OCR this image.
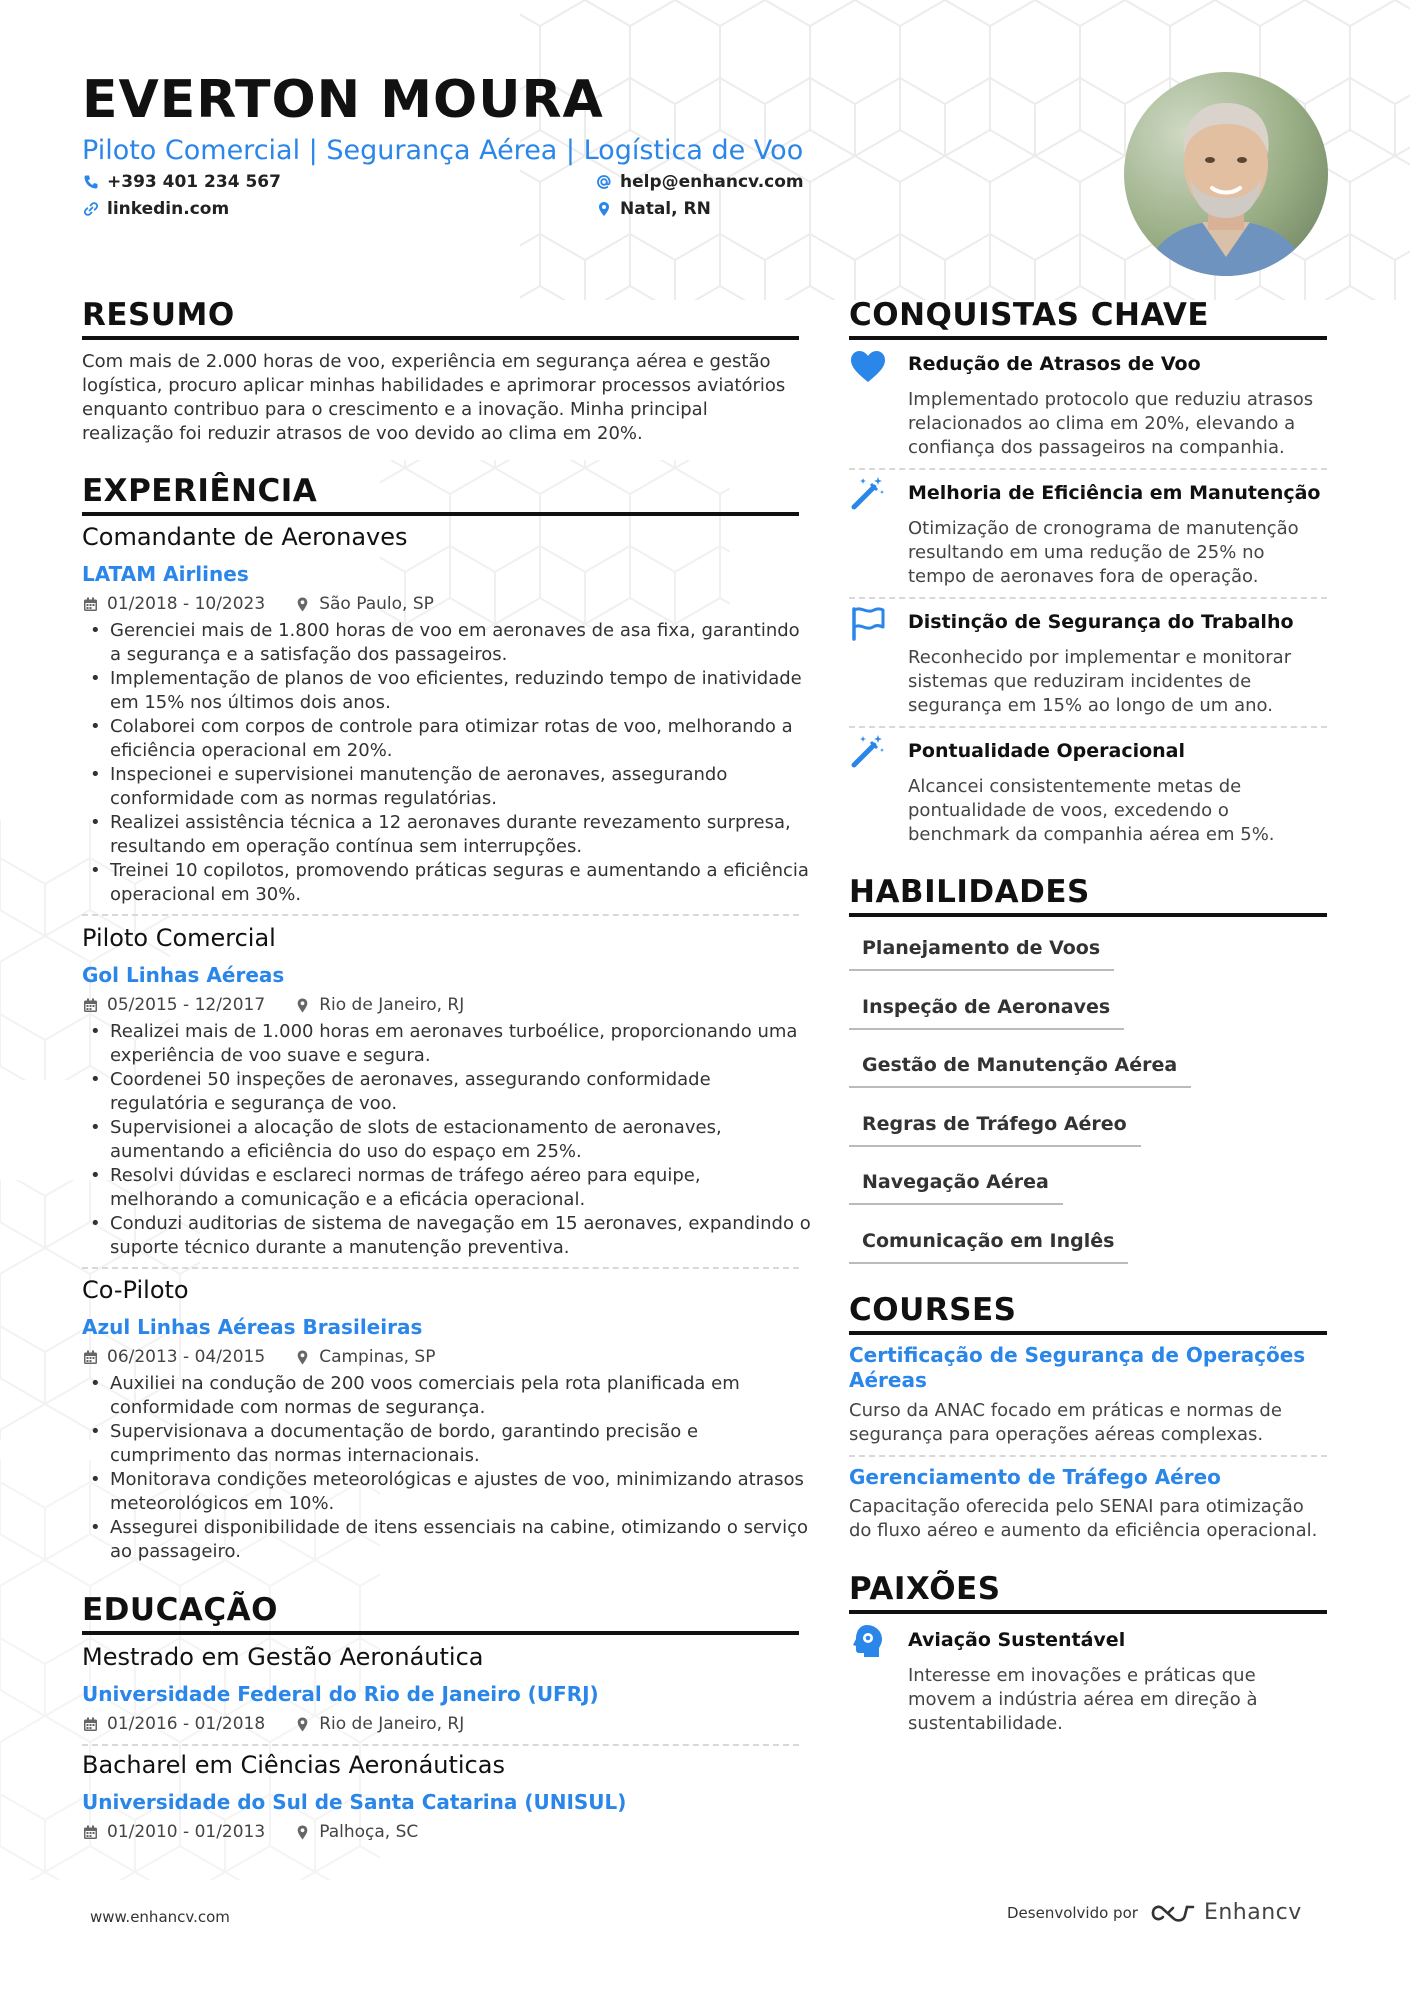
EVERTON MOURA
Piloto Comercial | Segurança Aérea | Logística de Voo
+393 401 234 567	help@enhancv.com
linkedin.com	Natal, RN
RESUMO
Com mais de 2.000 horas de voo, experiência em segurança aérea e gestão logística, procuro aplicar minhas habilidades e aprimorar processos aviatórios enquanto contribuo para o crescimento e a inovação. Minha principal realização foi reduzir atrasos de voo devido ao clima em 20%.
EXPERIÊNCIA
Comandante de Aeronaves
LATAM Airlines
01/2018 - 10/2023	São Paulo, SP
• Gerenciei mais de 1.800 horas de voo em aeronaves de asa fixa, garantindo a segurança e a satisfação dos passageiros.
• Implementação de planos de voo eficientes, reduzindo tempo de inatividade em 15% nos últimos dois anos.
• Colaborei com corpos de controle para otimizar rotas de voo, melhorando a eficiência operacional em 20%.
• Inspecionei e supervisionei manutenção de aeronaves, assegurando conformidade com as normas regulatórias.
• Realizei assistência técnica a 12 aeronaves durante revezamento surpresa, resultando em operação contínua sem interrupções.
• Treinei 10 copilotos, promovendo práticas seguras e aumentando a eficiência operacional em 30%.
Piloto Comercial
Gol Linhas Aéreas
05/2015 - 12/2017	Rio de Janeiro, RJ
• Realizei mais de 1.000 horas em aeronaves turboélice, proporcionando uma experiência de voo suave e segura.
• Coordenei 50 inspeções de aeronaves, assegurando conformidade regulatória e segurança de voo.
• Supervisionei a alocação de slots de estacionamento de aeronaves, aumentando a eficiência do uso do espaço em 25%.
• Resolvi dúvidas e esclareci normas de tráfego aéreo para equipe, melhorando a comunicação e a eficácia operacional.
• Conduzi auditorias de sistema de navegação em 15 aeronaves, expandindo o suporte técnico durante a manutenção preventiva.
Co-Piloto
Azul Linhas Aéreas Brasileiras
06/2013 - 04/2015	Campinas, SP
• Auxiliei na condução de 200 voos comerciais pela rota planificada em conformidade com normas de segurança.
• Supervisionava a documentação de bordo, garantindo precisão e cumprimento das normas internacionais.
• Monitorava condições meteorológicas e ajustes de voo, minimizando atrasos meteorológicos em 10%.
• Assegurei disponibilidade de itens essenciais na cabine, otimizando o serviço ao passageiro.
EDUCAÇÃO
Mestrado em Gestão Aeronáutica
Universidade Federal do Rio de Janeiro (UFRJ)
01/2016 - 01/2018	Rio de Janeiro, RJ
Bacharel em Ciências Aeronáuticas
Universidade do Sul de Santa Catarina (UNISUL)
01/2010 - 01/2013	Palhoça, SC
CONQUISTAS CHAVE
Redução de Atrasos de Voo
Implementado protocolo que reduziu atrasos relacionados ao clima em 20%, elevando a confiança dos passageiros na companhia.
Melhoria de Eficiência em Manutenção
Otimização de cronograma de manutenção resultando em uma redução de 25% no tempo de aeronaves fora de operação.
Distinção de Segurança do Trabalho
Reconhecido por implementar e monitorar sistemas que reduziram incidentes de segurança em 15% ao longo de um ano.
Pontualidade Operacional
Alcancei consistentemente metas de pontualidade de voos, excedendo o benchmark da companhia aérea em 5%.
HABILIDADES
Planejamento de Voos
Inspeção de Aeronaves
Gestão de Manutenção Aérea
Regras de Tráfego Aéreo
Navegação Aérea
Comunicação em Inglês
COURSES
Certificação de Segurança de Operações Aéreas
Curso da ANAC focado em práticas e normas de segurança para operações aéreas complexas.
Gerenciamento de Tráfego Aéreo
Capacitação oferecida pelo SENAI para otimização do fluxo aéreo e aumento da eficiência operacional.
PAIXÕES
Aviação Sustentável
Interesse em inovações e práticas que movem a indústria aérea em direção à sustentabilidade.
www.enhancv.com	Desenvolvido por	Enhancv
